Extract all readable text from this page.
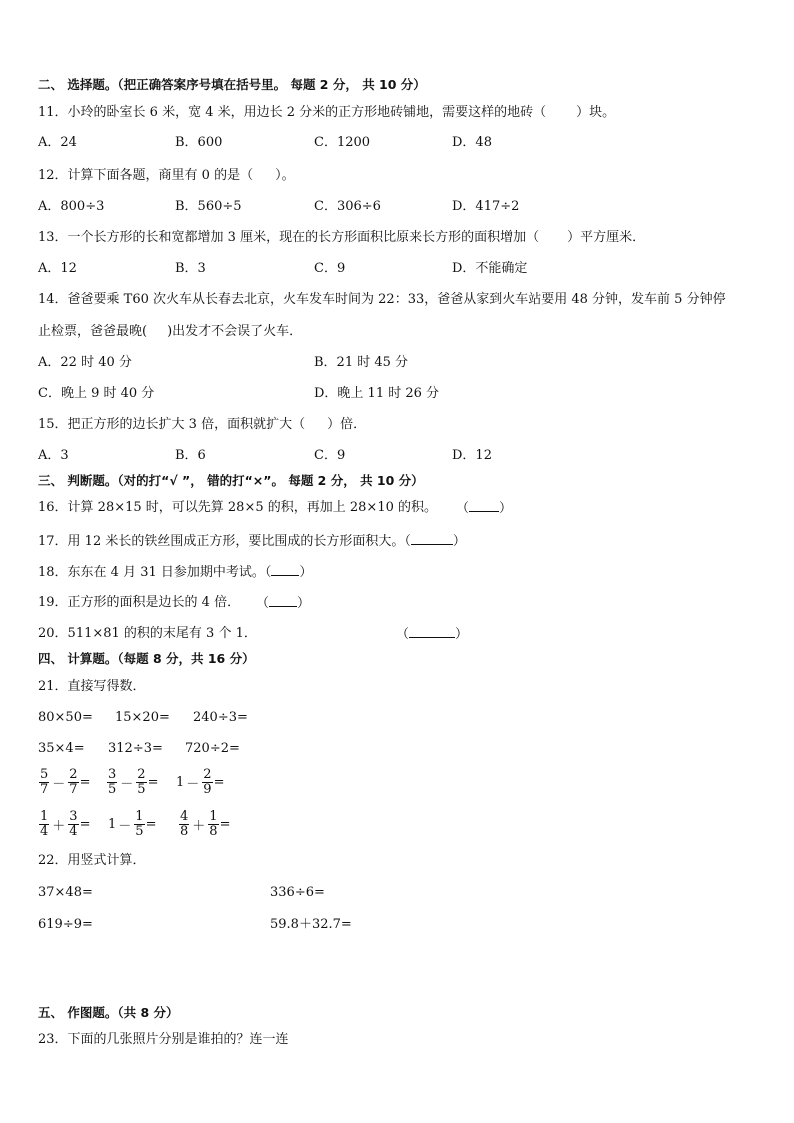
二、 选择题。（把正确答案序号填在括号里。 每题 2 分， 共 10 分）
11．小玲的卧室长 6 米，宽 4 米，用边长 2 分米的正方形地砖铺地，需要这样的地砖（ ）块。
A．24	B．600	C．1200	D．48
12．计算下面各题，商里有 0 的是（ ）。
A．800÷3	B．560÷5	C．306÷6	D．417÷2
13．一个长方形的长和宽都增加 3 厘米，现在的长方形面积比原来长方形的面积增加（ ）平方厘米．
A．12	B．3	C．9	D．不能确定
14．爸爸要乘 T60 次火车从长春去北京，火车发车时间为 22：33，爸爸从家到火车站要用 48 分钟，发车前 5 分钟停
止检票，爸爸最晚( )出发才不会误了火车．
A．22 时 40 分	B．21 时 45 分
C．晚上 9 时 40 分	D．晚上 11 时 26 分
15．把正方形的边长扩大 3 倍，面积就扩大（ ）倍．
A．3	B．6	C．9	D．12
三、 判断题。（对的打“√ ”， 错的打“×”。 每题 2 分， 共 10 分）
16．计算 28×15 时，可以先算 28×5 的积，再加上 28×10 的积。 （ ）
17．用 12 米长的铁丝围成正方形，要比围成的长方形面积大。（	）
18．东东在 4 月 31 日参加期中考试。（ ）
19．正方形的面积是边长的 4 倍． （ ）
20．511×81 的积的末尾有 3 个 1．	（	）
四、 计算题。（每题 8 分，共 16 分）
21．直接写得数．
80×50= 15×20= 240÷3=
35×4= 312÷3= 720÷2=
$\frac{5}{7} - \frac{2}{7} = \frac{3}{5} - \frac{2}{5} = 1 - \frac{2}{9}$ =
$\frac{1}{4} + \frac{3}{4} = 1 - \frac{1}{5} = \frac{4}{8} + \frac{1}{8}$ =
22．用竖式计算．
37×48=	336÷6=
619÷9=	59.8＋32.7=
五、 作图题。（共 8 分）
23．下面的几张照片分别是谁拍的？连一连
